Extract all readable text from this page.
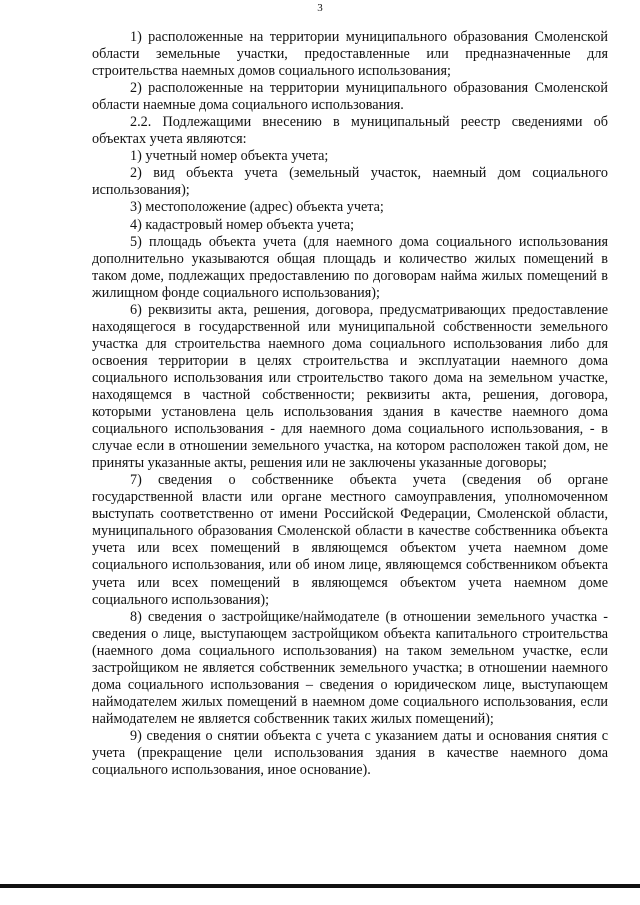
3

1) расположенные на территории муниципального образования Смоленской области земельные участки, предоставленные или предназначенные для строительства наемных домов социального использования;

2) расположенные на территории муниципального образования Смоленской области наемные дома социального использования.

2.2. Подлежащими внесению в муниципальный реестр сведениями об объектах учета являются:

1) учетный номер объекта учета;

2) вид объекта учета (земельный участок, наемный дом социального использования);

3) местоположение (адрес) объекта учета;

4) кадастровый номер объекта учета;

5) площадь объекта учета (для наемного дома социального использования дополнительно указываются общая площадь и количество жилых помещений в таком доме, подлежащих предоставлению по договорам найма жилых помещений в жилищном фонде социального использования);

6) реквизиты акта, решения, договора, предусматривающих предоставление находящегося в государственной или муниципальной собственности земельного участка для строительства наемного дома социального использования либо для освоения территории в целях строительства и эксплуатации наемного дома социального использования или строительство такого дома на земельном участке, находящемся в частной собственности; реквизиты акта, решения, договора, которыми установлена цель использования здания в качестве наемного дома социального использования - для наемного дома социального использования, - в случае если в отношении земельного участка, на котором расположен такой дом, не приняты указанные акты, решения или не заключены указанные договоры;

7) сведения о собственнике объекта учета (сведения об органе государственной власти или органе местного самоуправления, уполномоченном выступать соответственно от имени Российской Федерации, Смоленской области, муниципального образования Смоленской области в качестве собственника объекта учета или всех помещений в являющемся объектом учета наемном доме социального использования, или об ином лице, являющемся собственником объекта учета или всех помещений в являющемся объектом учета наемном доме социального использования);

8) сведения о застройщике/наймодателе (в отношении земельного участка - сведения о лице, выступающем застройщиком объекта капитального строительства (наемного дома социального использования) на таком земельном участке, если застройщиком не является собственник земельного участка; в отношении наемного дома социального использования – сведения о юридическом лице, выступающем наймодателем жилых помещений в наемном доме социального использования, если наймодателем не является собственник таких жилых помещений);

9) сведения о снятии объекта с учета с указанием даты и основания снятия с учета (прекращение цели использования здания в качестве наемного дома социального использования, иное основание).
